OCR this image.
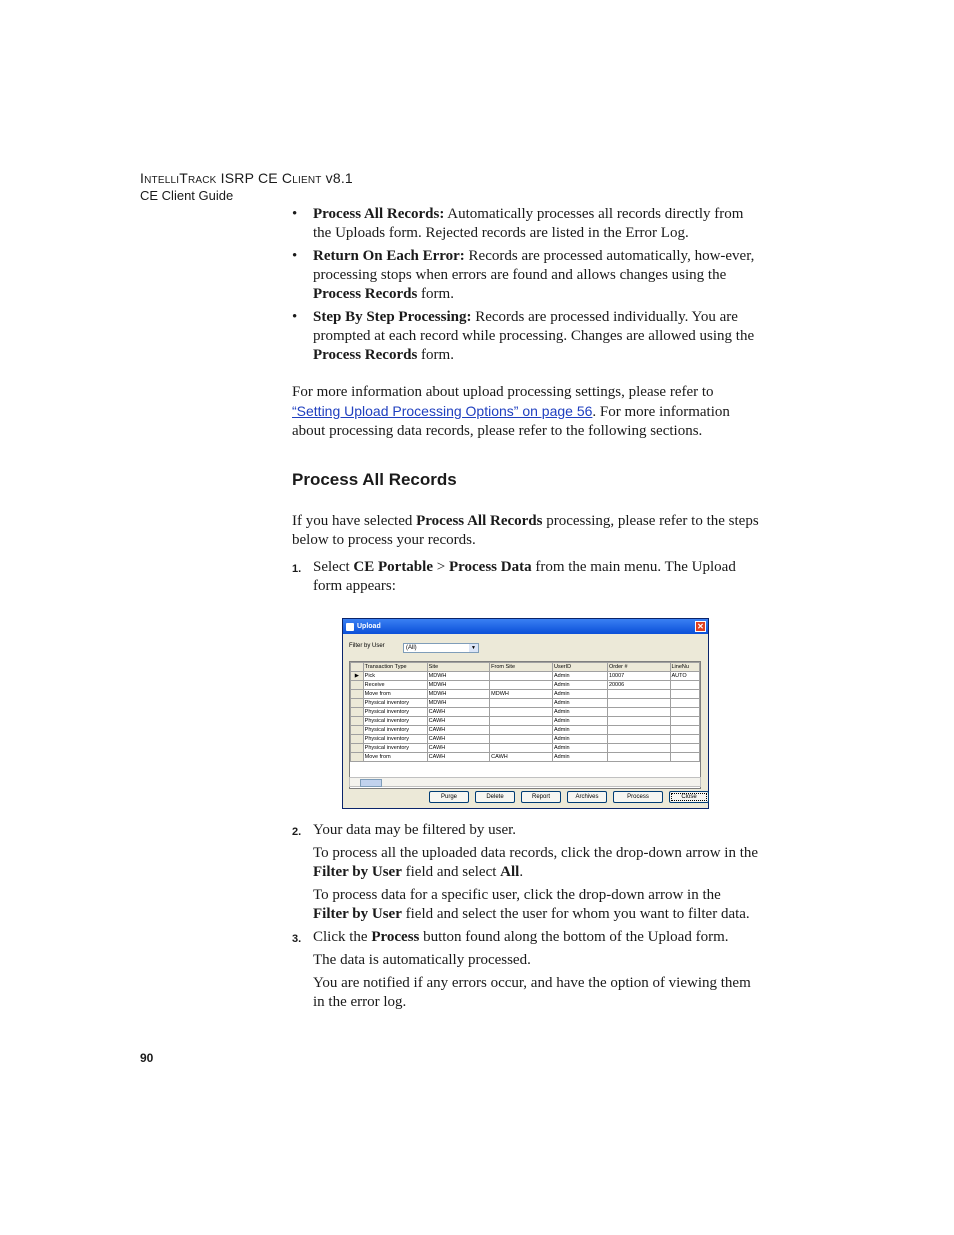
IntelliTrack ISRP CE Client v8.1
CE Client Guide
• Process All Records: Automatically processes all records directly from the Uploads form. Rejected records are listed in the Error Log.
• Return On Each Error: Records are processed automatically, how-ever, processing stops when errors are found and allows changes using the Process Records form.
• Step By Step Processing: Records are processed individually. You are prompted at each record while processing. Changes are allowed using the Process Records form.

For more information about upload processing settings, please refer to “Setting Upload Processing Options” on page 56. For more information about processing data records, please refer to the following sections.

Process All Records

If you have selected Process All Records processing, please refer to the steps below to process your records.

1. Select CE Portable > Process Data from the main menu. The Upload form appears:
Upload	✕
Filter by User	(All)	▼
	Transaction Type	Site	From Site	UserID	Order #	LineNu
▶	Pick	MDWH		Admin	10007	AUTO
	Receive	MDWH		Admin	20006	
	Move from	MDWH	MDWH	Admin		
	Physical inventory	MDWH		Admin		
	Physical inventory	CAWH		Admin		
	Physical inventory	CAWH		Admin		
	Physical inventory	CAWH		Admin		
	Physical inventory	CAWH		Admin		
	Physical inventory	CAWH		Admin		
	Move from	CAWH	CAWH	Admin		
Purge	Delete	Report	Archives	Process	Close
2. Your data may be filtered by user.
To process all the uploaded data records, click the drop-down arrow in the Filter by User field and select All.
To process data for a specific user, click the drop-down arrow in the Filter by User field and select the user for whom you want to filter data.
3. Click the Process button found along the bottom of the Upload form.
The data is automatically processed.
You are notified if any errors occur, and have the option of viewing them in the error log.
90
